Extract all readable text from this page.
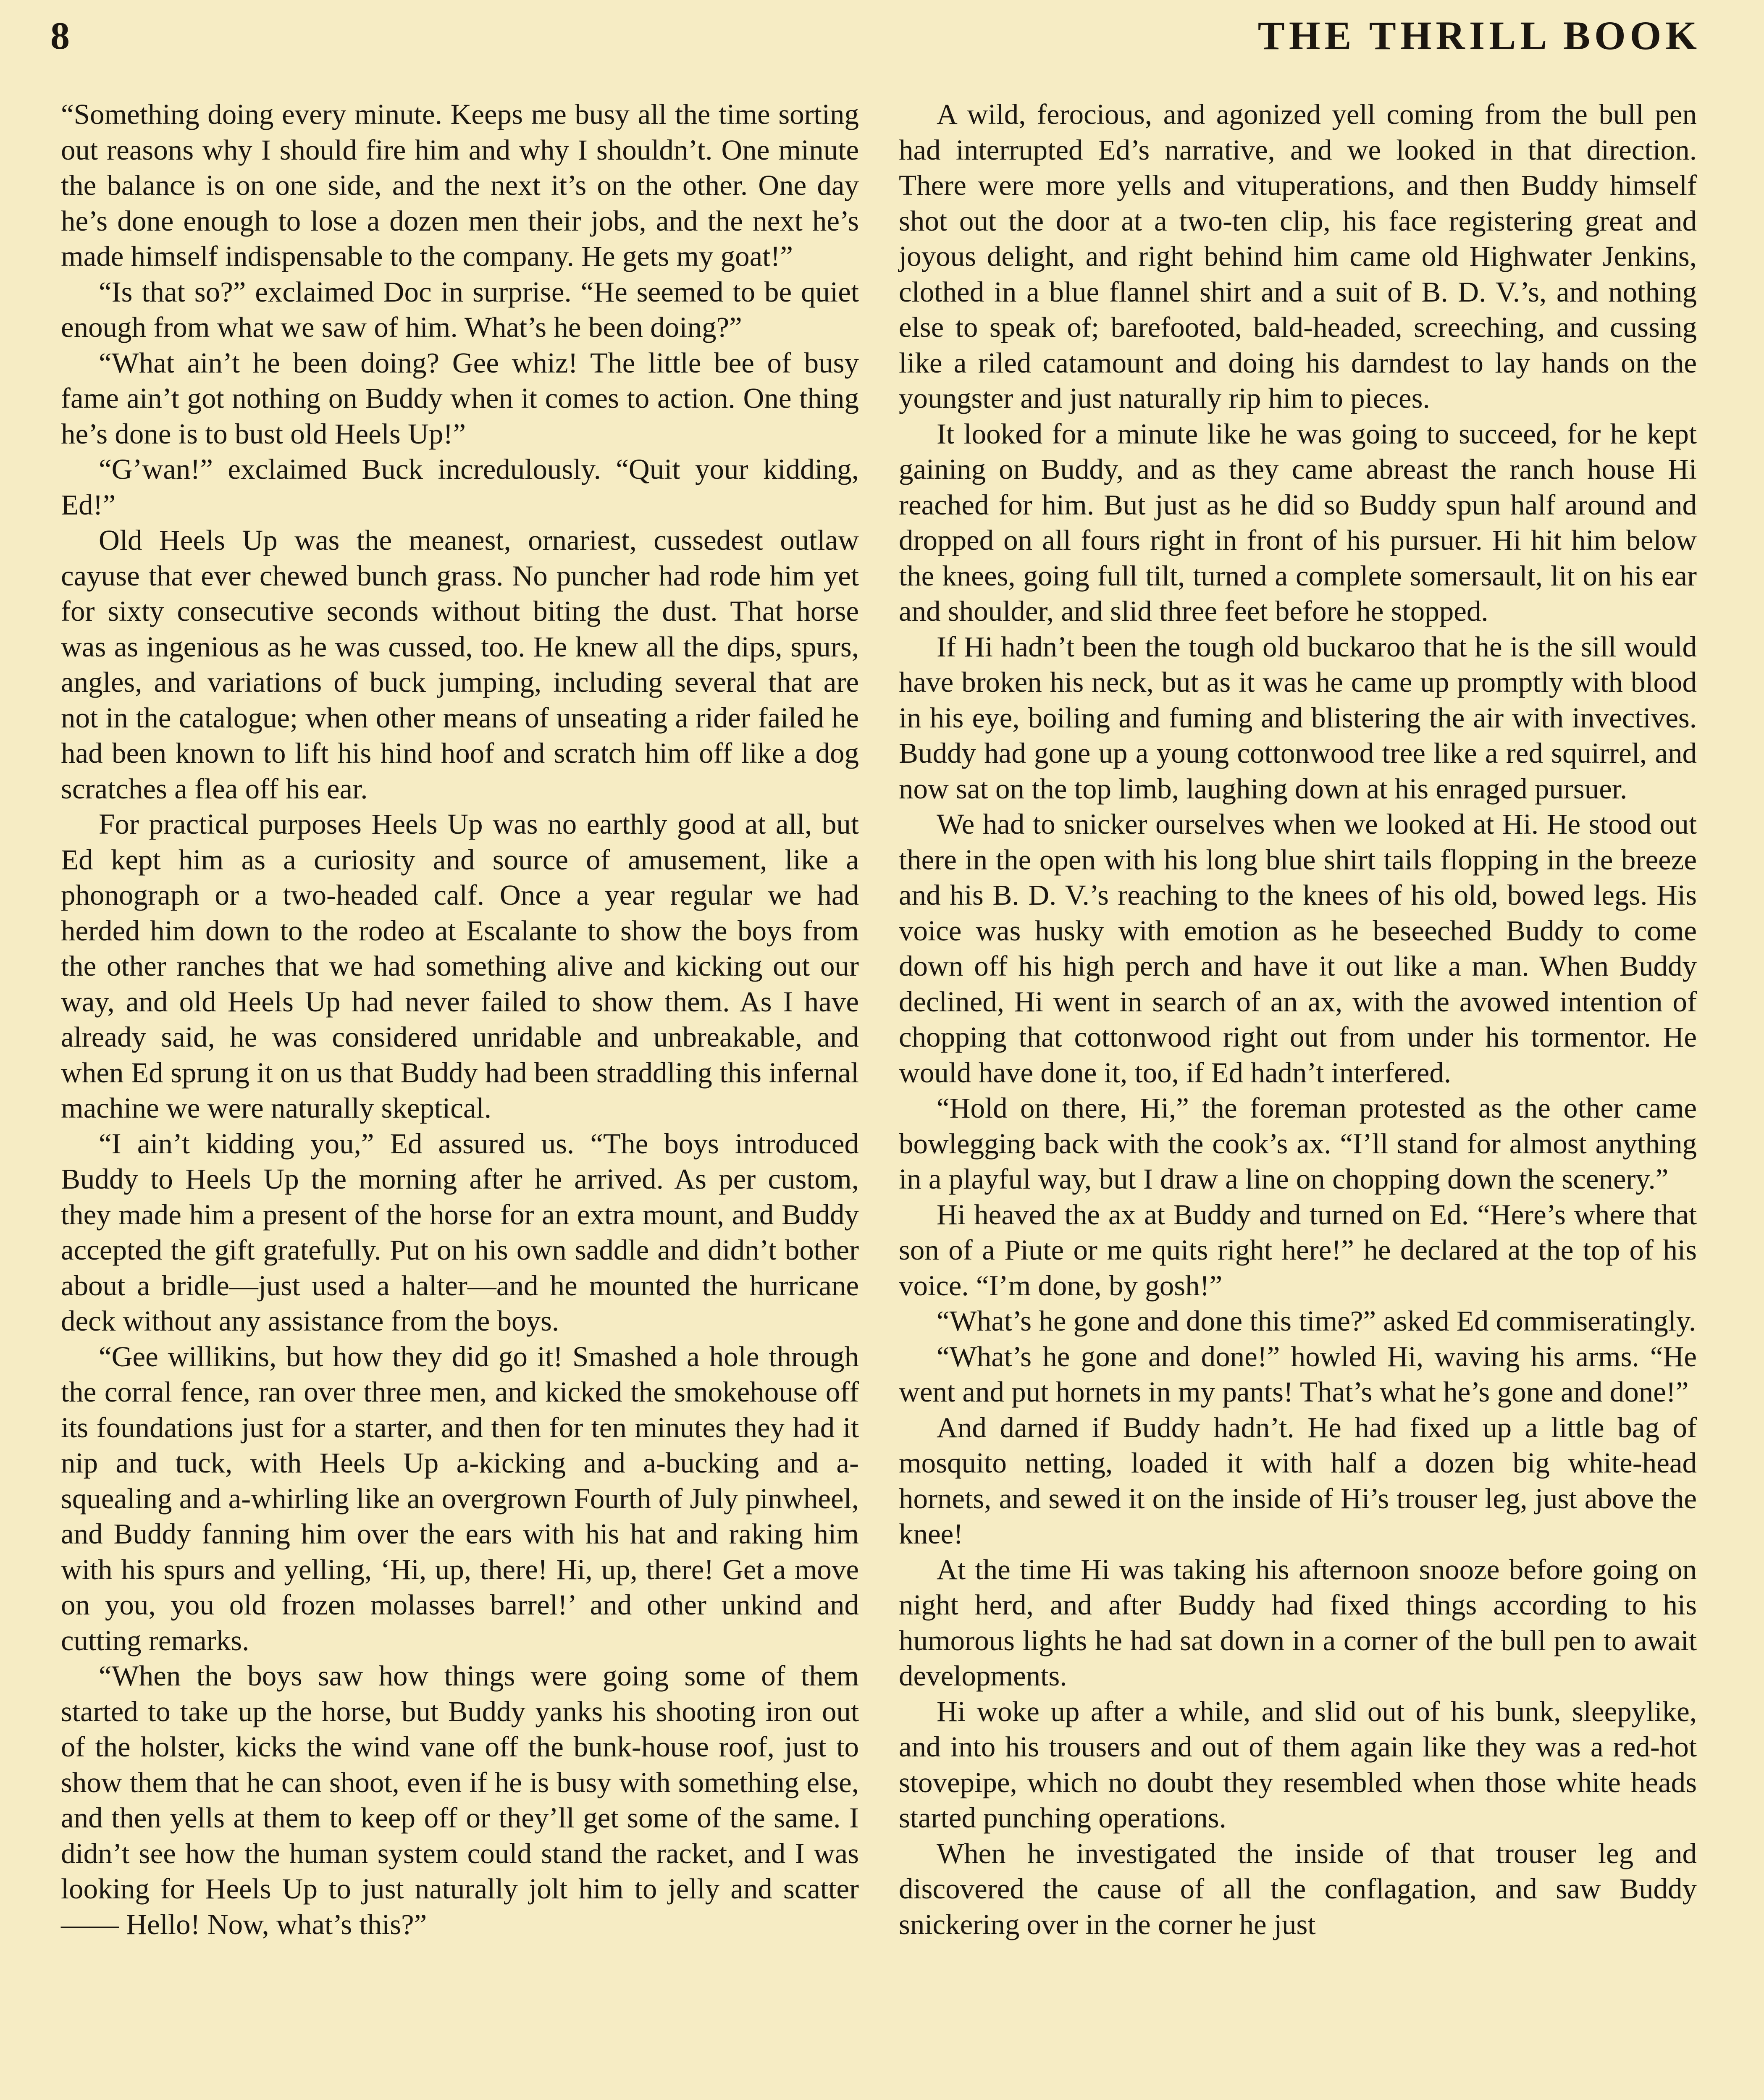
8	THE THRILL BOOK

“Something doing every minute. Keeps me busy all the time sorting out reasons why I should fire him and why I shouldn’t. One minute the balance is on one side, and the next it’s on the other. One day he’s done enough to lose a dozen men their jobs, and the next he’s made himself indispensable to the company. He gets my goat!”

“Is that so?” exclaimed Doc in surprise. “He seemed to be quiet enough from what we saw of him. What’s he been doing?”

“What ain’t he been doing? Gee whiz! The little bee of busy fame ain’t got nothing on Buddy when it comes to action. One thing he’s done is to bust old Heels Up!”

“G’wan!” exclaimed Buck incredulously. “Quit your kidding, Ed!”

Old Heels Up was the meanest, ornariest, cussedest outlaw cayuse that ever chewed bunch grass. No puncher had rode him yet for sixty consecutive seconds without biting the dust. That horse was as ingenious as he was cussed, too. He knew all the dips, spurs, angles, and variations of buck jumping, including several that are not in the catalogue; when other means of unseating a rider failed he had been known to lift his hind hoof and scratch him off like a dog scratches a flea off his ear.

For practical purposes Heels Up was no earthly good at all, but Ed kept him as a curiosity and source of amusement, like a phonograph or a two-headed calf. Once a year regular we had herded him down to the rodeo at Escalante to show the boys from the other ranches that we had something alive and kicking out our way, and old Heels Up had never failed to show them. As I have already said, he was considered unridable and unbreakable, and when Ed sprung it on us that Buddy had been straddling this infernal machine we were naturally skeptical.

“I ain’t kidding you,” Ed assured us. “The boys introduced Buddy to Heels Up the morning after he arrived. As per custom, they made him a present of the horse for an extra mount, and Buddy accepted the gift gratefully. Put on his own saddle and didn’t bother about a bridle—just used a halter—and he mounted the hurricane deck without any assistance from the boys.

“Gee willikins, but how they did go it! Smashed a hole through the corral fence, ran over three men, and kicked the smokehouse off its foundations just for a starter, and then for ten minutes they had it nip and tuck, with Heels Up a-kicking and a-bucking and a-squealing and a-whirling like an overgrown Fourth of July pinwheel, and Buddy fanning him over the ears with his hat and raking him with his spurs and yelling, ‘Hi, up, there! Hi, up, there! Get a move on you, you old frozen molasses barrel!’ and other unkind and cutting remarks.

“When the boys saw how things were going some of them started to take up the horse, but Buddy yanks his shooting iron out of the holster, kicks the wind vane off the bunk-house roof, just to show them that he can shoot, even if he is busy with something else, and then yells at them to keep off or they’ll get some of the same. I didn’t see how the human system could stand the racket, and I was looking for Heels Up to just naturally jolt him to jelly and scatter—— Hello! Now, what’s this?”

A wild, ferocious, and agonized yell coming from the bull pen had interrupted Ed’s narrative, and we looked in that direction. There were more yells and vituperations, and then Buddy himself shot out the door at a two-ten clip, his face registering great and joyous delight, and right behind him came old Highwater Jenkins, clothed in a blue flannel shirt and a suit of B. D. V.’s, and nothing else to speak of; barefooted, bald-headed, screeching, and cussing like a riled catamount and doing his darndest to lay hands on the youngster and just naturally rip him to pieces.

It looked for a minute like he was going to succeed, for he kept gaining on Buddy, and as they came abreast the ranch house Hi reached for him. But just as he did so Buddy spun half around and dropped on all fours right in front of his pursuer. Hi hit him below the knees, going full tilt, turned a complete somersault, lit on his ear and shoulder, and slid three feet before he stopped.

If Hi hadn’t been the tough old buckaroo that he is the sill would have broken his neck, but as it was he came up promptly with blood in his eye, boiling and fuming and blistering the air with invectives. Buddy had gone up a young cottonwood tree like a red squirrel, and now sat on the top limb, laughing down at his enraged pursuer.

We had to snicker ourselves when we looked at Hi. He stood out there in the open with his long blue shirt tails flopping in the breeze and his B. D. V.’s reaching to the knees of his old, bowed legs. His voice was husky with emotion as he beseeched Buddy to come down off his high perch and have it out like a man. When Buddy declined, Hi went in search of an ax, with the avowed intention of chopping that cottonwood right out from under his tormentor. He would have done it, too, if Ed hadn’t interfered.

“Hold on there, Hi,” the foreman protested as the other came bowlegging back with the cook’s ax. “I’ll stand for almost anything in a playful way, but I draw a line on chopping down the scenery.”

Hi heaved the ax at Buddy and turned on Ed. “Here’s where that son of a Piute or me quits right here!” he declared at the top of his voice. “I’m done, by gosh!”

“What’s he gone and done this time?” asked Ed commiseratingly.

“What’s he gone and done!” howled Hi, waving his arms. “He went and put hornets in my pants! That’s what he’s gone and done!”

And darned if Buddy hadn’t. He had fixed up a little bag of mosquito netting, loaded it with half a dozen big white-head hornets, and sewed it on the inside of Hi’s trouser leg, just above the knee!

At the time Hi was taking his afternoon snooze before going on night herd, and after Buddy had fixed things according to his humorous lights he had sat down in a corner of the bull pen to await developments.

Hi woke up after a while, and slid out of his bunk, sleepylike, and into his trousers and out of them again like they was a red-hot stovepipe, which no doubt they resembled when those white heads started punching operations.

When he investigated the inside of that trouser leg and discovered the cause of all the conflagation, and saw Buddy snickering over in the corner he just
